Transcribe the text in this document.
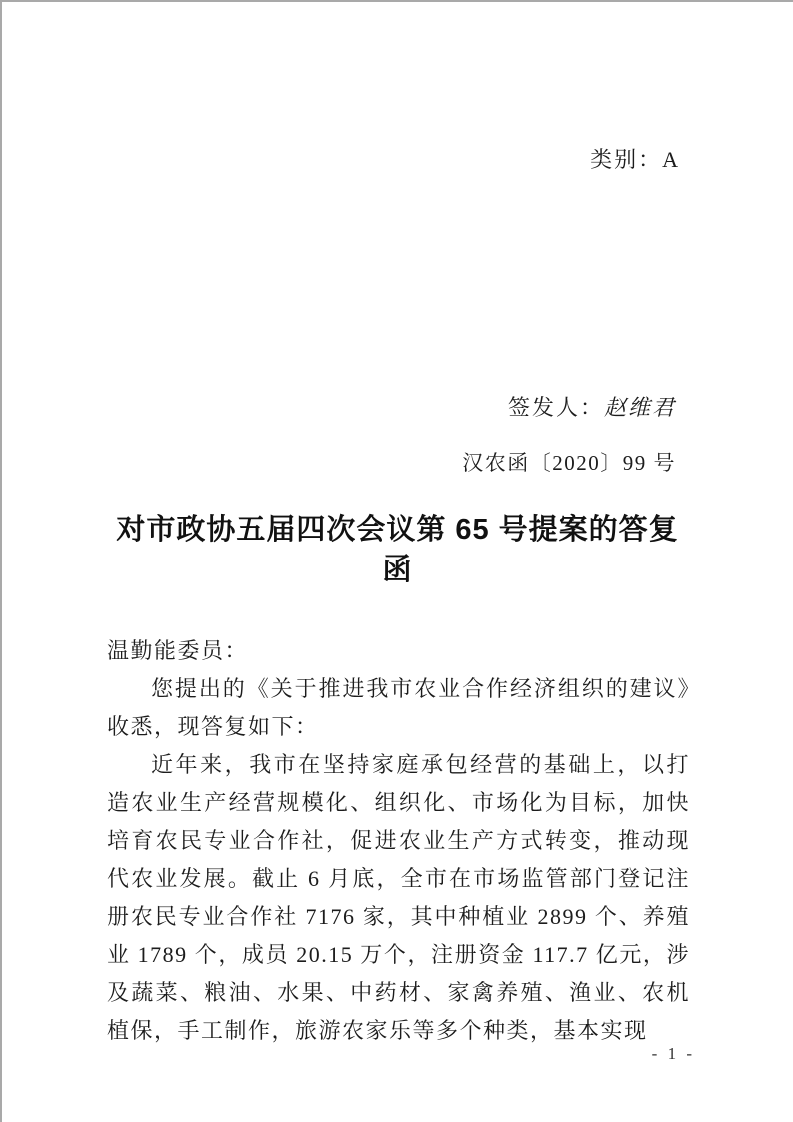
类别：A
签发人：赵维君
汉农函〔2020〕99 号
对市政协五届四次会议第 65 号提案的答复函

温勤能委员：

您提出的《关于推进我市农业合作经济组织的建议》收悉，现答复如下：

近年来，我市在坚持家庭承包经营的基础上，以打造农业生产经营规模化、组织化、市场化为目标，加快培育农民专业合作社，促进农业生产方式转变，推动现代农业发展。截止 6 月底，全市在市场监管部门登记注册农民专业合作社 7176 家，其中种植业 2899 个、养殖业 1789 个，成员 20.15 万个，注册资金 117.7 亿元，涉及蔬菜、粮油、水果、中药材、家禽养殖、渔业、农机植保，手工制作，旅游农家乐等多个种类，基本实现

- 1 -
